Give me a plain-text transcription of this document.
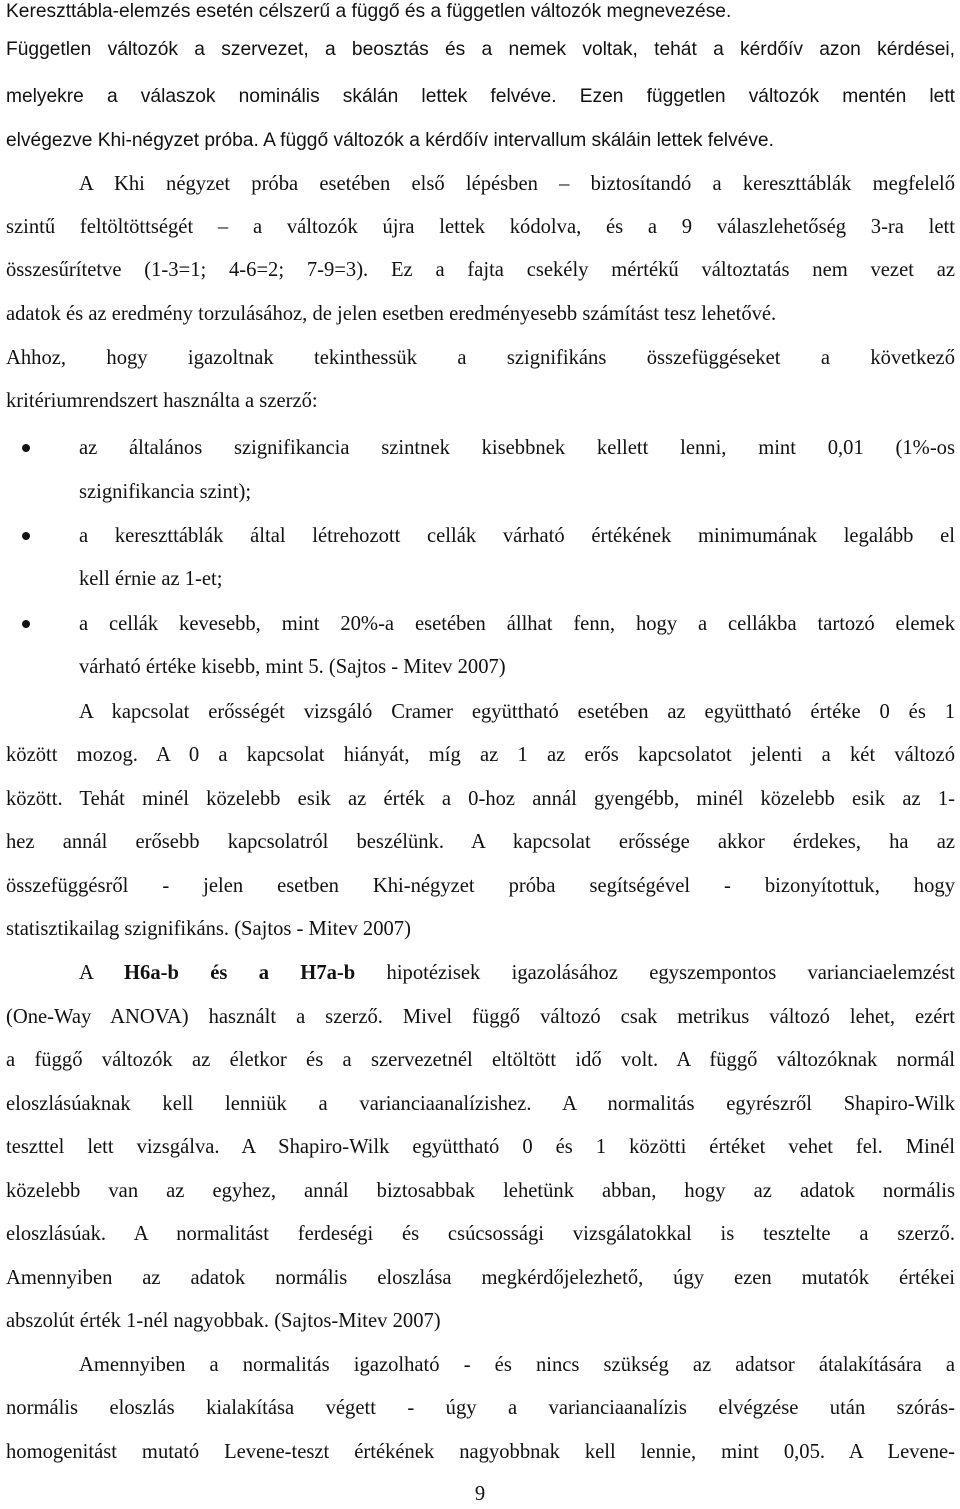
Kereszttábla-elemzés esetén célszerű a függő és a független változók megnevezése.
Független változók a szervezet, a beosztás és a nemek voltak, tehát a kérdőív azon kérdései,
melyekre a válaszok nominális skálán lettek felvéve. Ezen független változók mentén lett
elvégezve Khi-négyzet próba. A függő változók a kérdőív intervallum skáláin lettek felvéve.
A Khi négyzet próba esetében első lépésben – biztosítandó a kereszttáblák megfelelő
szintű feltöltöttségét – a változók újra lettek kódolva, és a 9 válaszlehetőség 3-ra lett
összesűrítetve (1-3=1; 4-6=2; 7-9=3). Ez a fajta csekély mértékű változtatás nem vezet az
adatok és az eredmény torzulásához, de jelen esetben eredményesebb számítást tesz lehetővé.
Ahhoz, hogy igazoltnak tekinthessük a szignifikáns összefüggéseket a következő
kritériumrendszert használta a szerző:
az általános szignifikancia szintnek kisebbnek kellett lenni, mint 0,01 (1%-os
szignifikancia szint);
a kereszttáblák által létrehozott cellák várható értékének minimumának legalább el
kell érnie az 1-et;
a cellák kevesebb, mint 20%-a esetében állhat fenn, hogy a cellákba tartozó elemek
várható értéke kisebb, mint 5. (Sajtos - Mitev 2007)
A kapcsolat erősségét vizsgáló Cramer együttható esetében az együttható értéke 0 és 1
között mozog. A 0 a kapcsolat hiányát, míg az 1 az erős kapcsolatot jelenti a két változó
között. Tehát minél közelebb esik az érték a 0-hoz annál gyengébb, minél közelebb esik az 1-
hez annál erősebb kapcsolatról beszélünk. A kapcsolat erőssége akkor érdekes, ha az
összefüggésről - jelen esetben Khi-négyzet próba segítségével - bizonyítottuk, hogy
statisztikailag szignifikáns. (Sajtos - Mitev 2007)
A H6a-b és a H7a-b hipotézisek igazolásához egyszempontos varianciaelemzést
(One-Way ANOVA) használt a szerző. Mivel függő változó csak metrikus változó lehet, ezért
a függő változók az életkor és a szervezetnél eltöltött idő volt. A függő változóknak normál
eloszlásúaknak kell lenniük a varianciaanalízishez. A normalitás egyrészről Shapiro-Wilk
teszttel lett vizsgálva. A Shapiro-Wilk együttható 0 és 1 közötti értéket vehet fel. Minél
közelebb van az egyhez, annál biztosabbak lehetünk abban, hogy az adatok normális
eloszlásúak. A normalitást ferdeségi és csúcsossági vizsgálatokkal is tesztelte a szerző.
Amennyiben az adatok normális eloszlása megkérdőjelezhető, úgy ezen mutatók értékei
abszolút érték 1-nél nagyobbak. (Sajtos-Mitev 2007)
Amennyiben a normalitás igazolható - és nincs szükség az adatsor átalakítására a
normális eloszlás kialakítása végett - úgy a varianciaanalízis elvégzése után szórás-
homogenitást mutató Levene-teszt értékének nagyobbnak kell lennie, mint 0,05. A Levene-
9
